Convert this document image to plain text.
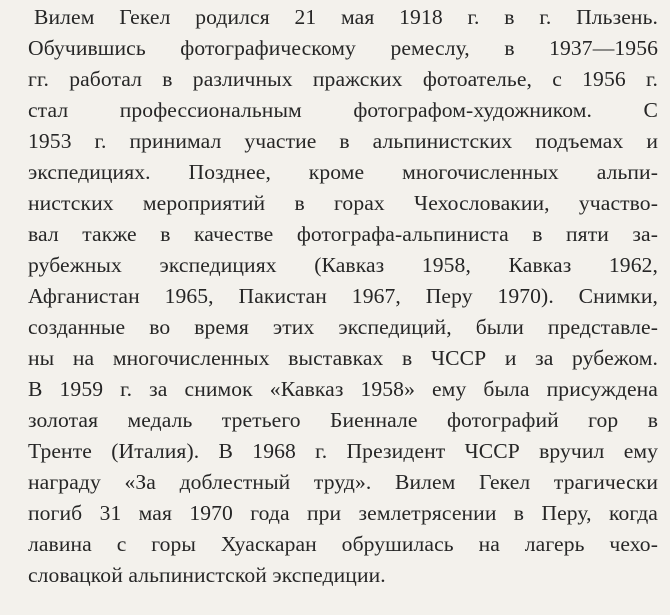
Вилем Гекел родился 21 мая 1918 г. в г. Пльзень.
Обучившись фотографическому ремеслу, в 1937—1956
гг. работал в различных пражских фотоателье, с 1956 г.
стал профессиональным фотографом-художником. С
1953 г. принимал участие в альпинистских подъемах и
экспедициях. Позднее, кроме многочисленных альпи-
нистских мероприятий в горах Чехословакии, участво-
вал также в качестве фотографа-альпиниста в пяти за-
рубежных экспедициях (Кавказ 1958, Кавказ 1962,
Афганистан 1965, Пакистан 1967, Перу 1970). Снимки,
созданные во время этих экспедиций, были представле-
ны на многочисленных выставках в ЧССР и за рубежом.
В 1959 г. за снимок «Кавказ 1958» ему была присуждена
золотая медаль третьего Биеннале фотографий гор в
Тренте (Италия). В 1968 г. Президент ЧССР вручил ему
награду «За доблестный труд». Вилем Гекел трагически
погиб 31 мая 1970 года при землетрясении в Перу, когда
лавина с горы Хуаскаран обрушилась на лагерь чехо-
словацкой альпинистской экспедиции.
